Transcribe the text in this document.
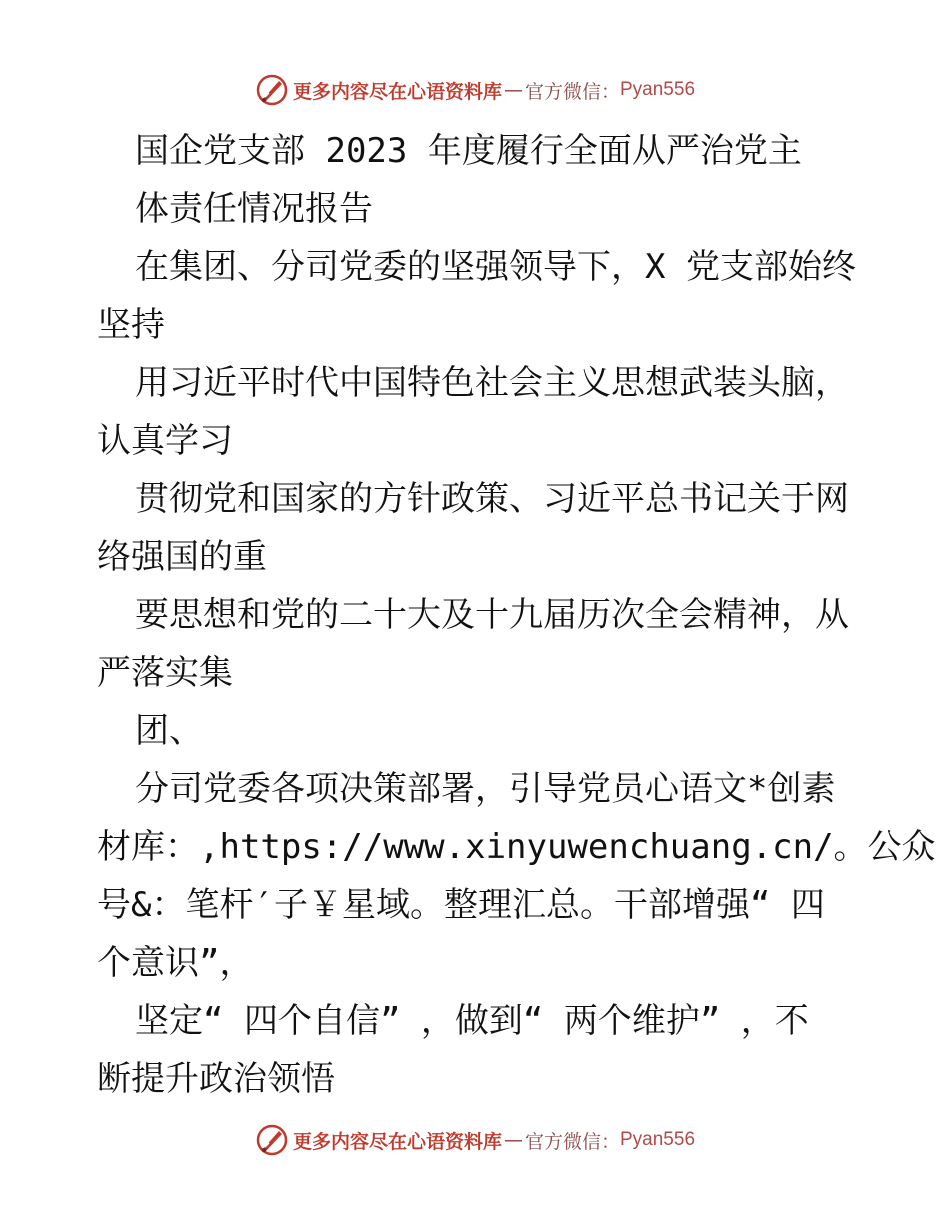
更多内容尽在心语资料库 — 官方微信： Pyan556
国企党支部 2023 年度履行全面从严治党主
体责任情况报告
在集团、分司党委的坚强领导下，X 党支部始终
坚持
用习近平时代中国特色社会主义思想武装头脑，
认真学习
贯彻党和国家的方针政策、习近平总书记关于网
络强国的重
要思想和党的二十大及十九届历次全会精神，从
严落实集
团、
分司党委各项决策部署，引导党员心语文*创素
材库：,https://www.xinyuwenchuang.cn/。公众
号&：笔杆′子￥星域。整理汇总。干部增强“ 四
个意识”，
坚定“ 四个自信” ，做到“ 两个维护” ，不
断提升政治领悟
更多内容尽在心语资料库 — 官方微信： Pyan556
